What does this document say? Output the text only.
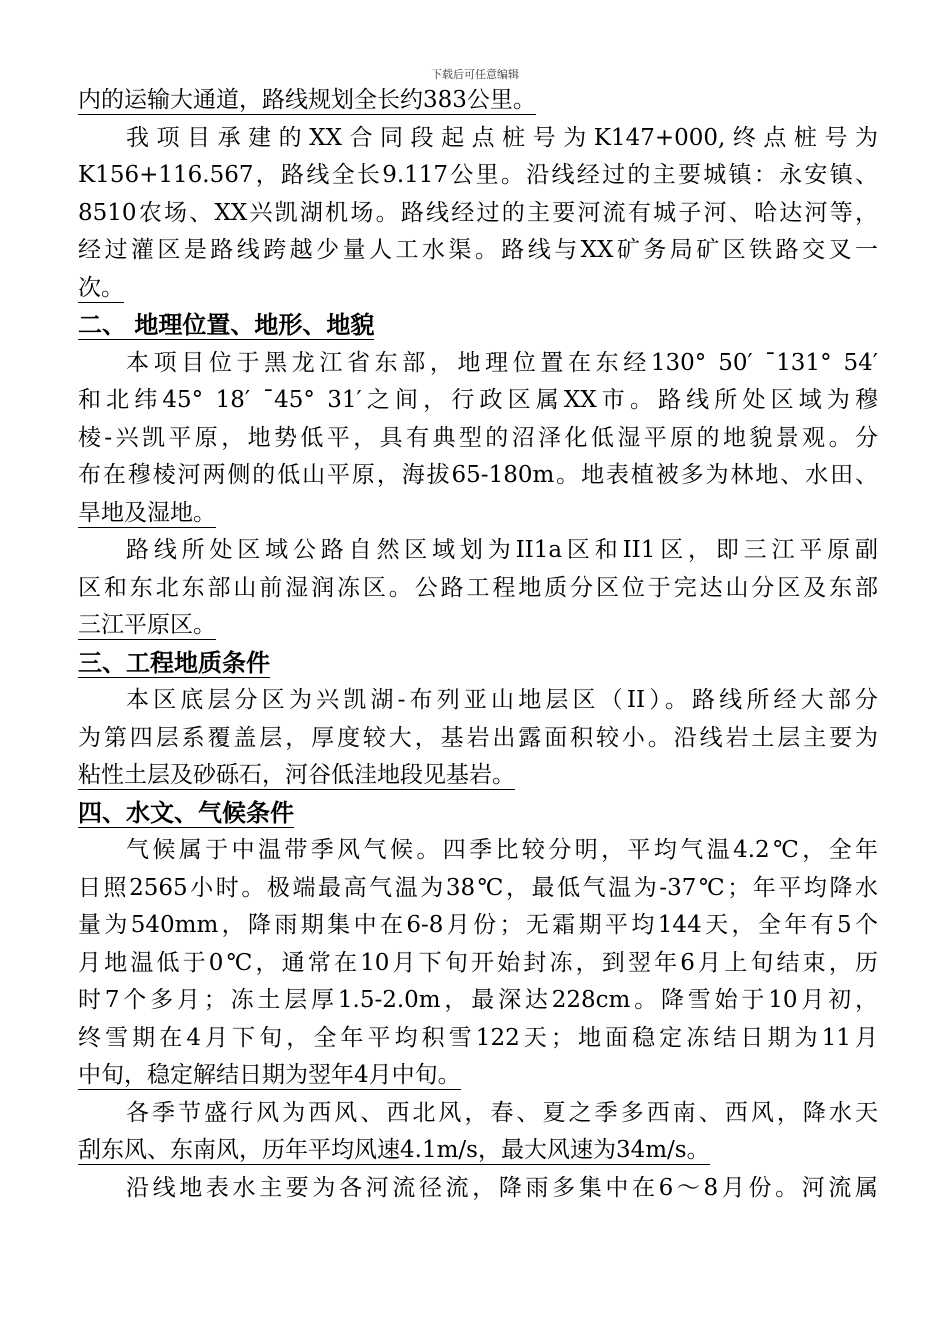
下载后可任意编辑
内的运输大通道，路线规划全长约383公里。
我项目承建的XX合同段起点桩号为K147+000,终点桩号为
K156+116.567，路线全长9.117公里。沿线经过的主要城镇：永安镇、
8510农场、XX兴凯湖机场。路线经过的主要河流有城子河、哈达河等，
经过灌区是路线跨越少量人工水渠。路线与XX矿务局矿区铁路交叉一
次。
二、 地理位置、地形、地貌
本项目位于黑龙江省东部，地理位置在东经130° 50′ ¯131° 54′
和北纬45° 18′ ¯45° 31′之间，行政区属XX市。路线所处区域为穆
棱-兴凯平原，地势低平，具有典型的沼泽化低湿平原的地貌景观。分
布在穆棱河两侧的低山平原，海拔65-180m。地表植被多为林地、水田、
旱地及湿地。
路线所处区域公路自然区域划为II1a区和II1区，即三江平原副
区和东北东部山前湿润冻区。公路工程地质分区位于完达山分区及东部
三江平原区。
三、工程地质条件
本区底层分区为兴凯湖-布列亚山地层区（II）。路线所经大部分
为第四层系覆盖层，厚度较大，基岩出露面积较小。沿线岩土层主要为
粘性土层及砂砾石，河谷低洼地段见基岩。
四、水文、气候条件
气候属于中温带季风气候。四季比较分明，平均气温4.2℃，全年
日照2565小时。极端最高气温为38℃，最低气温为-37℃；年平均降水
量为540mm，降雨期集中在6-8月份；无霜期平均144天，全年有5个
月地温低于0℃，通常在10月下旬开始封冻，到翌年6月上旬结束，历
时7个多月；冻土层厚1.5-2.0m，最深达228cm。降雪始于10月初，
终雪期在4月下旬，全年平均积雪122天；地面稳定冻结日期为11月
中旬，稳定解结日期为翌年4月中旬。
各季节盛行风为西风、西北风，春、夏之季多西南、西风，降水天
刮东风、东南风，历年平均风速4.1m/s，最大风速为34m/s。
沿线地表水主要为各河流径流，降雨多集中在6～8月份。河流属
